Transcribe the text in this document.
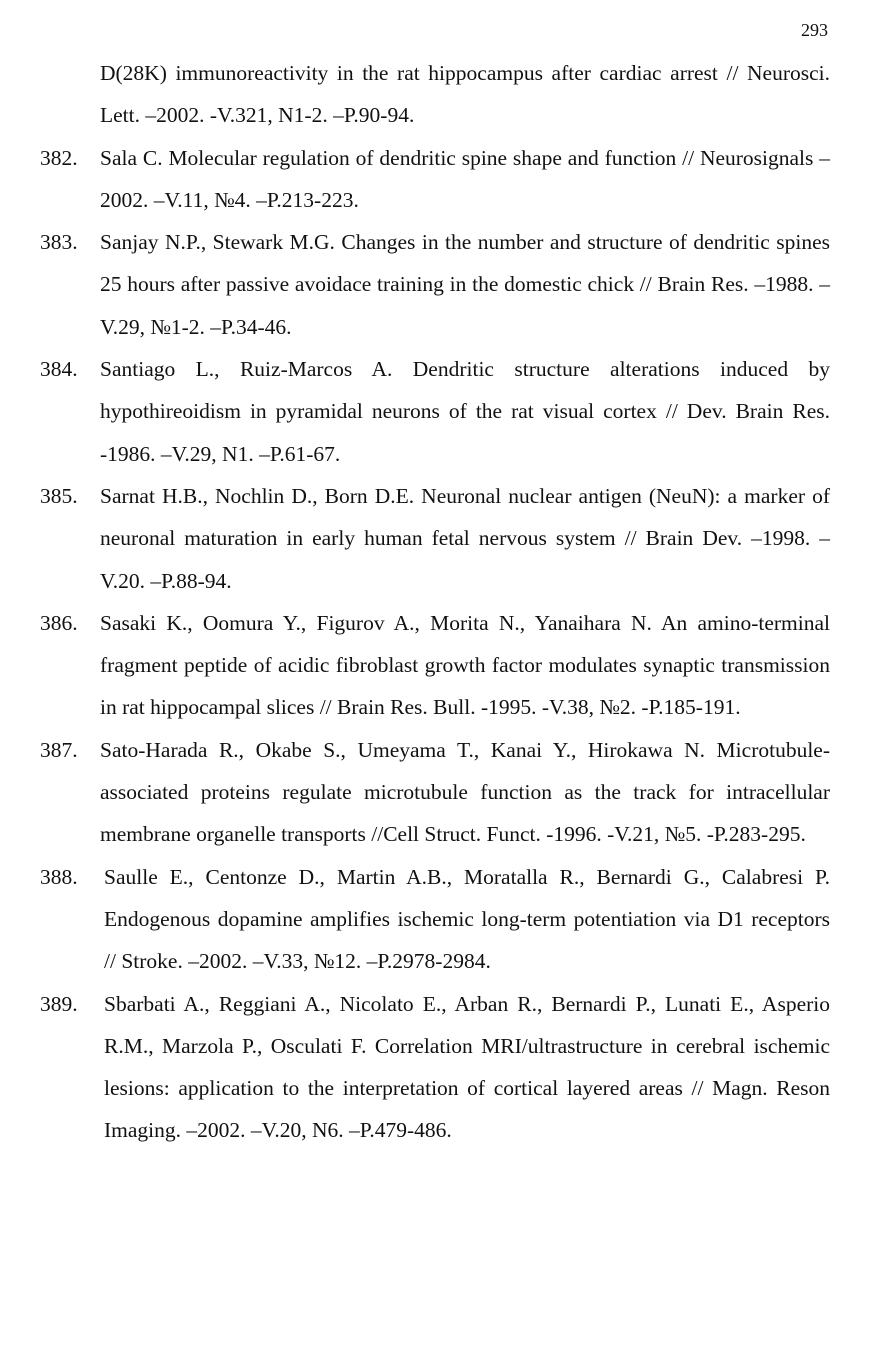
293
D(28K) immunoreactivity in the rat hippocampus after cardiac arrest // Neurosci. Lett. –2002. -V.321, N1-2. –P.90-94.
382.	Sala C. Molecular regulation of dendritic spine shape and function // Neurosignals –2002. –V.11, №4. –P.213-223.
383.	Sanjay N.P., Stewark M.G. Changes in the number and structure of dendritic spines 25 hours after passive avoidace training in the domestic chick // Brain Res. –1988. –V.29, №1-2. –P.34-46.
384.	Santiago L., Ruiz-Marcos A. Dendritic structure alterations induced by hypothireoidism in pyramidal neurons of the rat visual cortex // Dev. Brain Res. -1986. –V.29, N1. –P.61-67.
385.	Sarnat H.B., Nochlin D., Born D.E. Neuronal nuclear antigen (NeuN): a marker of neuronal maturation in early human fetal nervous system // Brain Dev. –1998. –V.20. –P.88-94.
386.	Sasaki K., Oomura Y., Figurov A., Morita N., Yanaihara N. An amino-terminal fragment peptide of acidic fibroblast growth factor modulates synaptic transmission in rat hippocampal slices // Brain Res. Bull. -1995. -V.38, №2. -P.185-191.
387.	Sato-Harada R., Okabe S., Umeyama T., Kanai Y., Hirokawa N. Microtubule-associated proteins regulate microtubule function as the track for intracellular membrane organelle transports //Cell Struct. Funct. -1996. -V.21, №5. -P.283-295.
388.	Saulle E., Centonze D., Martin A.B., Moratalla R., Bernardi G., Calabresi P. Endogenous dopamine amplifies ischemic long-term potentiation via D1 receptors // Stroke. –2002. –V.33, №12. –P.2978-2984.
389.	Sbarbati A., Reggiani A., Nicolato E., Arban R., Bernardi P., Lunati E., Asperio R.M., Marzola P., Osculati F. Correlation MRI/ultrastructure in cerebral ischemic lesions: application to the interpretation of cortical layered areas // Magn. Reson Imaging. –2002. –V.20, N6. –P.479-486.
